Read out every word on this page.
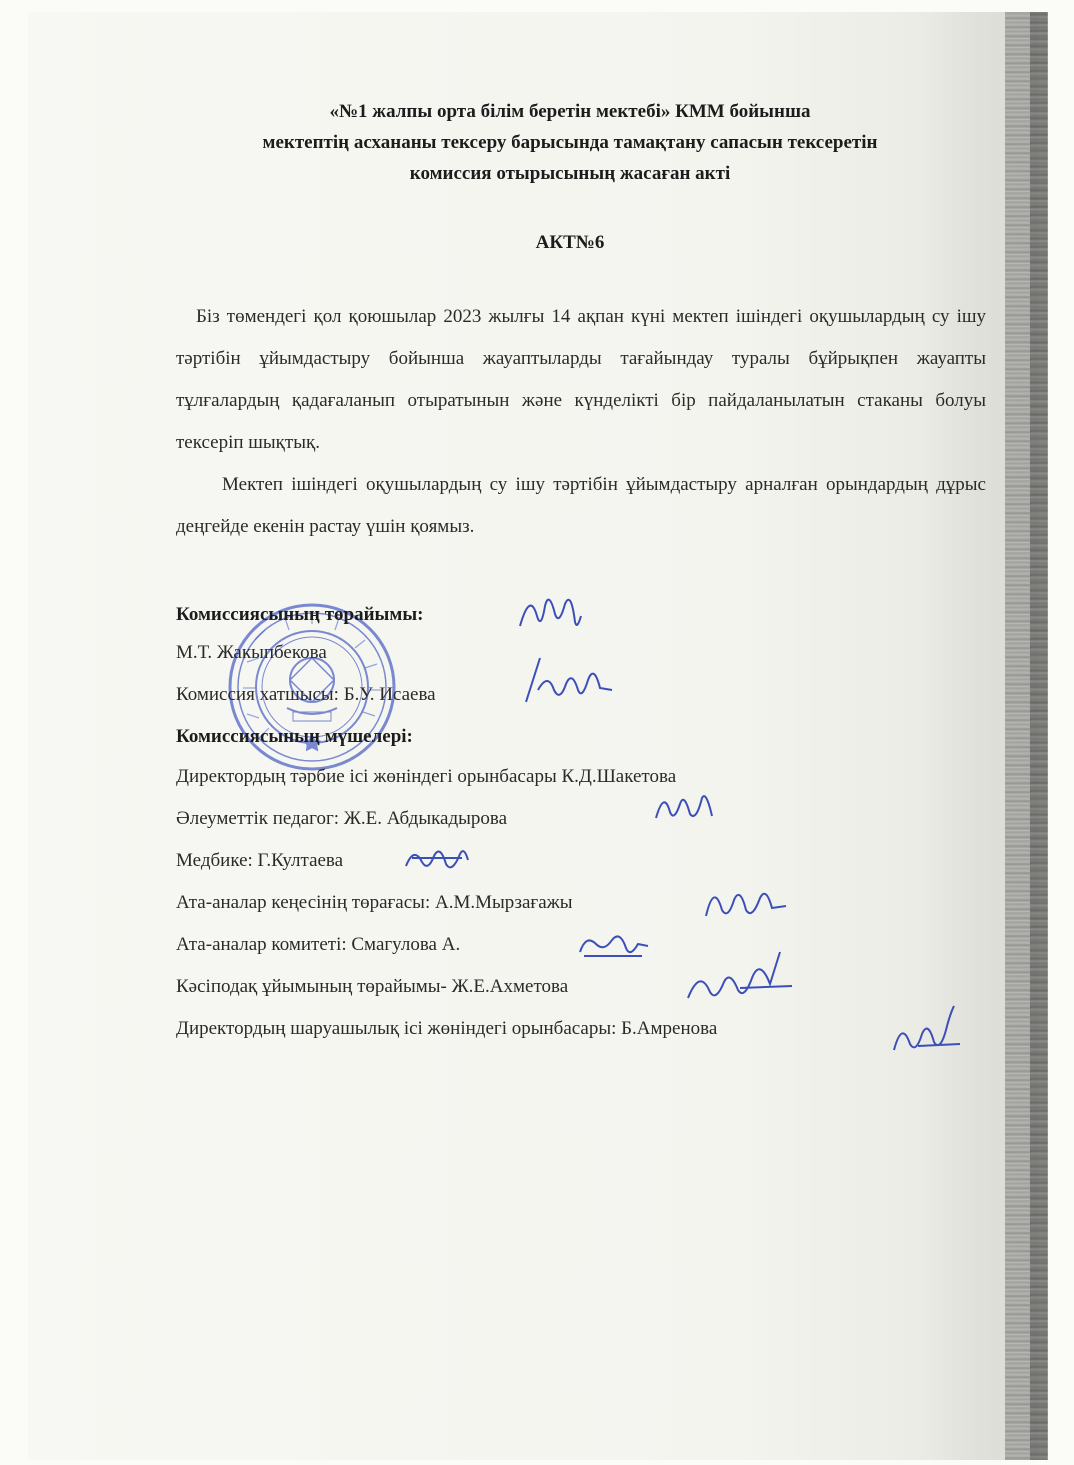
«№1 жалпы орта білім беретін мектебі» КММ бойынша
мектептің асхананы тексеру барысында тамақтану сапасын тексеретін
комиссия отырысының жасаған акті
АКТ№6

Біз төмендегі қол қоюшылар 2023 жылғы 14 ақпан күні мектеп ішіндегі оқушылардың су ішу тәртібін ұйымдастыру бойынша жауаптыларды тағайындау туралы бұйрықпен жауапты тұлғалардың қадағаланып отыратынын және күнделікті бір пайдаланылатын стаканы болуы тексеріп шықтық.

Мектеп ішіндегі оқушылардың су ішу тәртібін ұйымдастыру арналған орындардың дұрыс деңгейде екенін растау үшін қоямыз.

Комиссиясының төрайымы:
М.Т. Жакыпбекова
Комиссия хатшысы: Б.У. Исаева
Комиссиясының мүшелері:
Директордың тәрбие ісі жөніндегі орынбасары К.Д.Шакетова
Әлеуметтік педагог: Ж.Е. Абдыкадырова
Медбике: Г.Култаева
Ата-аналар кеңесінің төрағасы: А.М.Мырзағажы
Ата-аналар комитеті: Смагулова А.
Кәсіподақ ұйымының төрайымы- Ж.Е.Ахметова
Директордың шаруашылық ісі жөніндегі орынбасары: Б.Амренова
